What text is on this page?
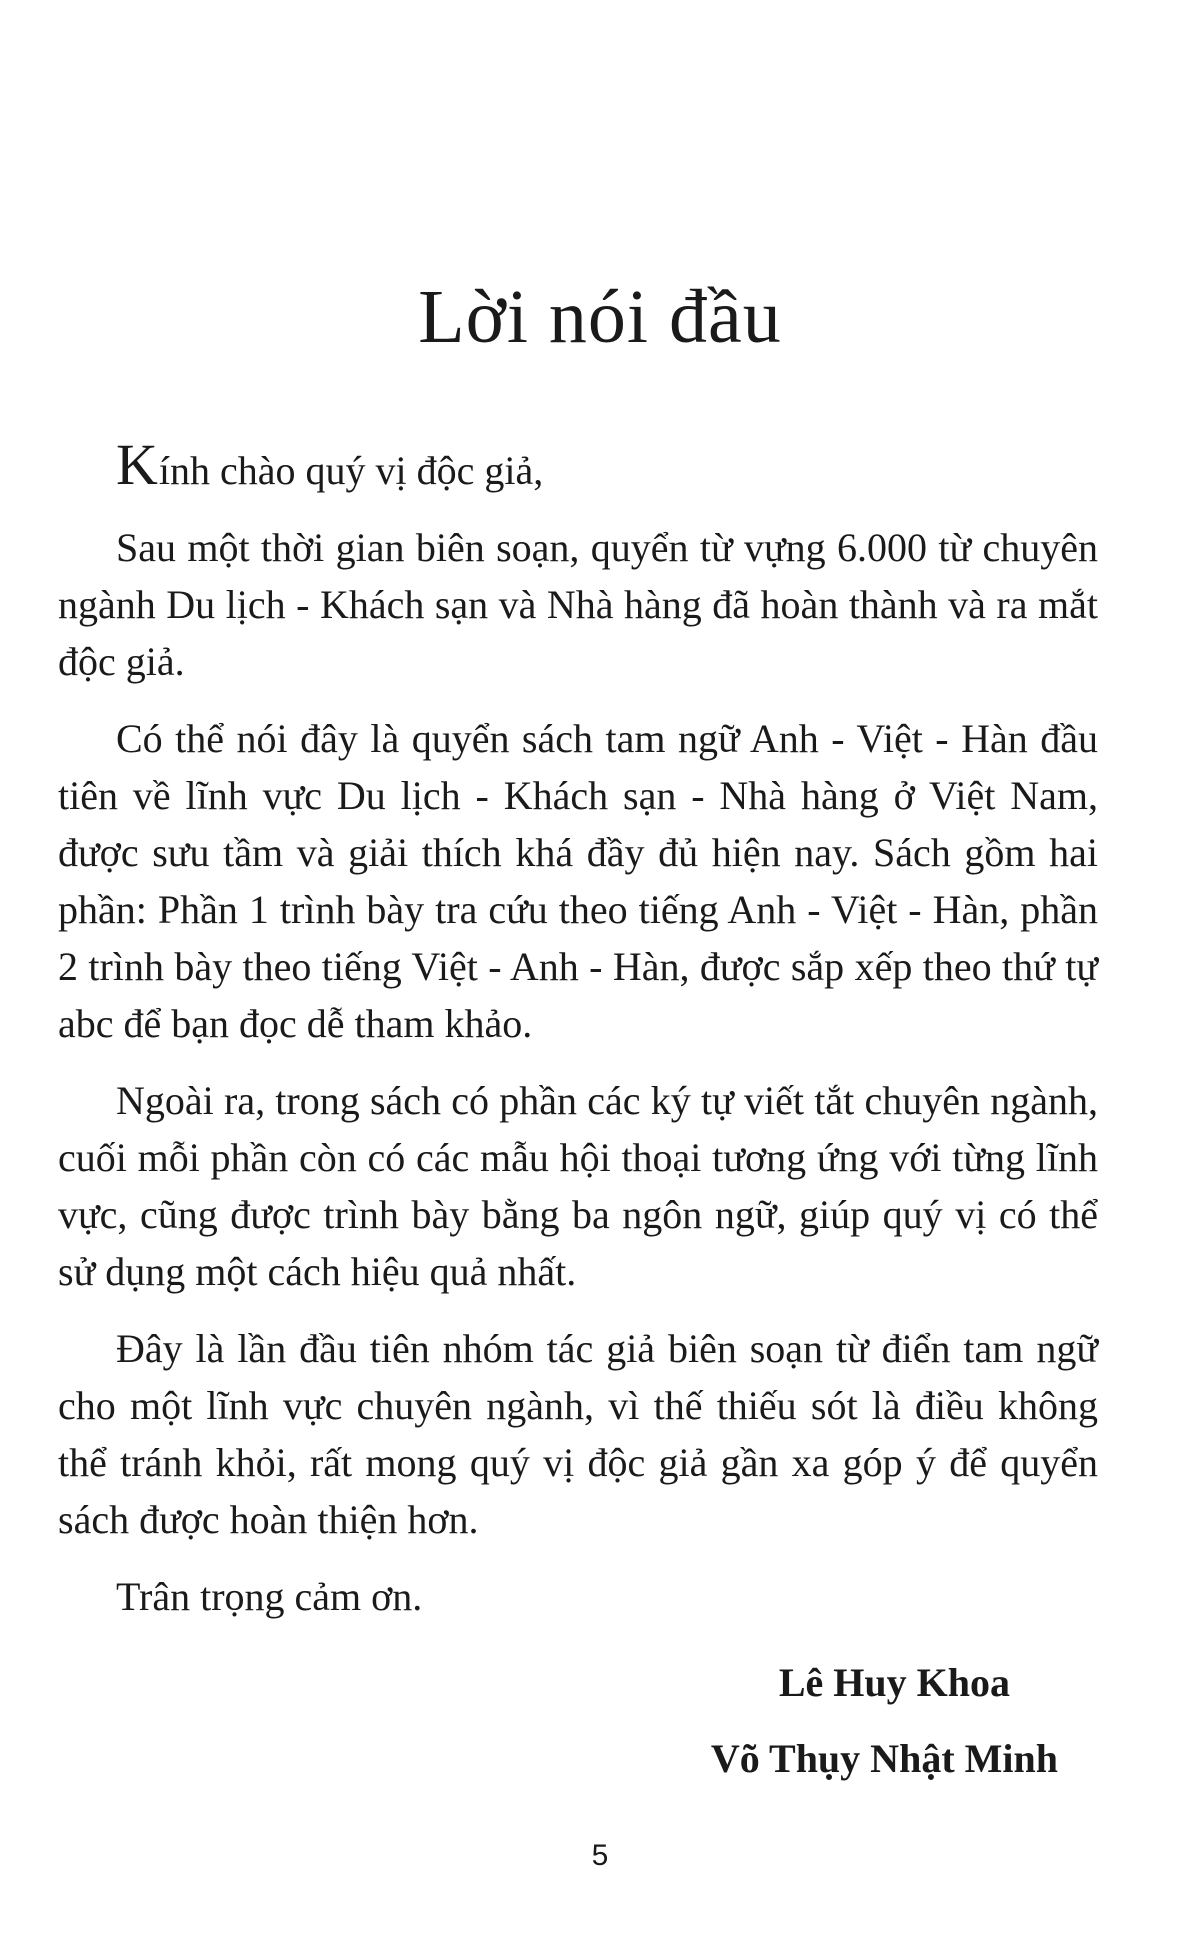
Lời nói đầu

Kính chào quý vị độc giả,

Sau một thời gian biên soạn, quyển từ vựng 6.000 từ chuyên ngành Du lịch - Khách sạn và Nhà hàng đã hoàn thành và ra mắt độc giả.

Có thể nói đây là quyển sách tam ngữ Anh - Việt - Hàn đầu tiên về lĩnh vực Du lịch - Khách sạn - Nhà hàng ở Việt Nam, được sưu tầm và giải thích khá đầy đủ hiện nay. Sách gồm hai phần: Phần 1 trình bày tra cứu theo tiếng Anh - Việt - Hàn, phần 2 trình bày theo tiếng Việt - Anh - Hàn, được sắp xếp theo thứ tự abc để bạn đọc dễ tham khảo.

Ngoài ra, trong sách có phần các ký tự viết tắt chuyên ngành, cuối mỗi phần còn có các mẫu hội thoại tương ứng với từng lĩnh vực, cũng được trình bày bằng ba ngôn ngữ, giúp quý vị có thể sử dụng một cách hiệu quả nhất.

Đây là lần đầu tiên nhóm tác giả biên soạn từ điển tam ngữ cho một lĩnh vực chuyên ngành, vì thế thiếu sót là điều không thể tránh khỏi, rất mong quý vị độc giả gần xa góp ý để quyển sách được hoàn thiện hơn.

Trân trọng cảm ơn.

Lê Huy Khoa
Võ Thụy Nhật Minh
5
